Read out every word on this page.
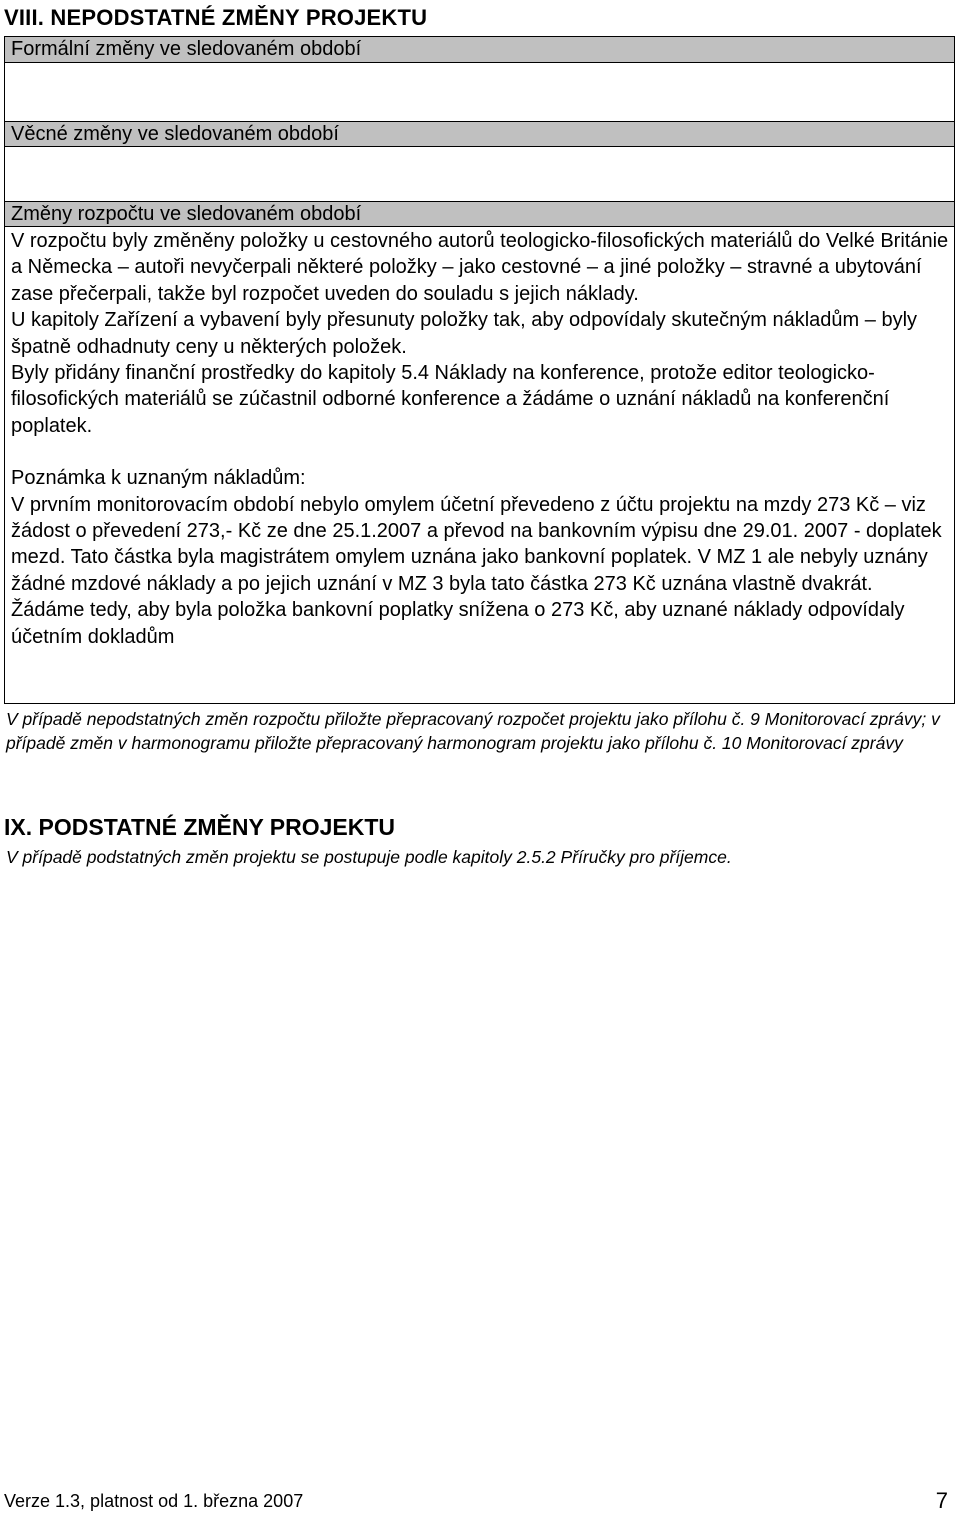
VIII. NEPODSTATNÉ ZMĚNY PROJEKTU
Formální změny ve sledovaném období
Věcné změny ve sledovaném období
Změny rozpočtu ve sledovaném období

V rozpočtu byly změněny položky u cestovného autorů teologicko-filosofických materiálů do Velké Británie a Německa – autoři nevyčerpali některé položky – jako cestovné – a jiné položky – stravné a ubytování zase přečerpali, takže byl rozpočet uveden do souladu s jejich náklady.

U kapitoly Zařízení a vybavení byly přesunuty položky tak, aby odpovídaly skutečným nákladům – byly špatně odhadnuty ceny u některých položek.

Byly přidány finanční prostředky do kapitoly 5.4 Náklady na konference, protože editor teologicko-filosofických materiálů se zúčastnil odborné konference a žádáme o uznání nákladů na konferenční poplatek.

Poznámka k uznaným nákladům:

V prvním monitorovacím období nebylo omylem účetní převedeno z účtu projektu na mzdy 273 Kč – viz žádost o převedení 273,- Kč ze dne 25.1.2007 a převod na bankovním výpisu dne 29.01. 2007 - doplatek mezd. Tato částka byla magistrátem omylem uznána jako bankovní poplatek. V MZ 1 ale nebyly uznány žádné mzdové náklady a po jejich uznání v MZ 3 byla tato částka 273 Kč uznána vlastně dvakrát. Žádáme tedy, aby byla položka bankovní poplatky snížena o 273 Kč, aby uznané náklady odpovídaly účetním dokladům

V případě nepodstatných změn rozpočtu přiložte přepracovaný rozpočet projektu jako přílohu č. 9 Monitorovací zprávy; v případě změn v harmonogramu přiložte přepracovaný harmonogram projektu jako přílohu č. 10 Monitorovací zprávy
IX. PODSTATNÉ ZMĚNY PROJEKTU
V případě podstatných změn projektu se postupuje podle kapitoly 2.5.2 Příručky pro příjemce.
Verze 1.3, platnost od 1. března 2007	7
